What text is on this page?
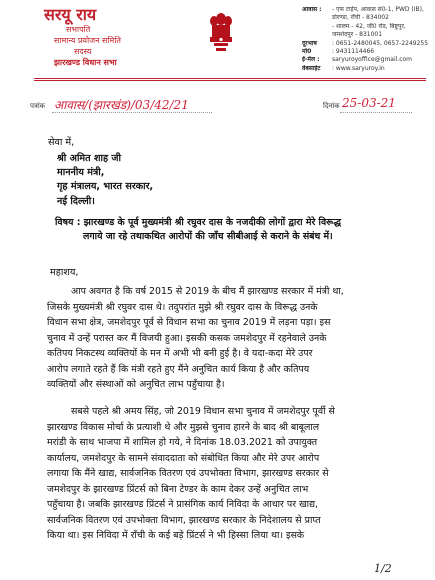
सरयू राय
सभापति
सामान्य प्रयोजन समिति
सदस्य
झारखण्ड विधान सभा
आवास :	- एफ टाईप, आवास सं0-1, PWD (IB),
डोरण्डा, राँची - 834002
- शालम - 42, जी0 रोड, बिष्टुपुर,
जमशेदपुर - 831001
दूरभाष	: 0651-2480045, 0657-2249255
मो0	: 9431114466
ई-मेल :	saryuroyoffice@gmail.com
वेबसाईट	: www.saryuroy.in
पत्रांक आवास/(झारखंड)/03/42/21	दिनांक 25-03-21
सेवा में,
श्री अमित शाह जी
माननीय मंत्री,
गृह मंत्रालय, भारत सरकार,
नई दिल्ली।
विषय : झारखण्ड के पूर्व मुख्यमंत्री श्री रघुवर दास के नजदीकी लोगों द्वारा मेरे विरूद्ध
लगाये जा रहे तथाकथित आरोपों की जाँच सीबीआई से कराने के संबंध में।
महाशय,
आप अवगत है कि वर्ष 2015 से 2019 के बीच मैं झारखण्ड सरकार में मंत्री था,
जिसके मुख्यमंत्री श्री रघुवर दास थे। तदुपरांत मुझे श्री रघुवर दास के विरूद्ध उनके
विधान सभा क्षेत्र, जमशेदपुर पूर्व से विधान सभा का चुनाव 2019 में लड़ना पड़ा। इस
चुनाव में उन्हें परास्त कर मैं विजयी हुआ। इसकी कसक जमशेदपुर में रहनेवाले उनके
कतिपय निकटस्थ व्यक्तियों के मन में अभी भी बनी हुई है। वे यदा-कदा मेरे उपर
आरोप लगाते रहते हैं कि मंत्री रहते हुए मैंने अनुचित कार्य किया है और कतिपय
व्यक्तियों और संस्थाओं को अनुचित लाभ पहुँचाया है।
सबसे पहले श्री अमय सिंह, जो 2019 विधान सभा चुनाव में जमशेदपुर पूर्वी से
झारखण्ड विकास मोर्चा के प्रत्याशी थे और मुझसे चुनाव हारने के बाद श्री बाबूलाल
मरांडी के साथ भाजपा में शामिल हो गये, ने दिनांक 18.03.2021 को उपायुक्त
कार्यालय, जमशेदपुर के सामने संवाददाता को संबोधित किया और मेरे उपर आरोप
लगाया कि मैंने खाद्य, सार्वजनिक वितरण एवं उपभोक्ता विभाग, झारखण्ड सरकार से
जमशेदपुर के झारखण्ड प्रिंटर्स को बिना टेण्डर के काम देकर उन्हें अनुचित लाभ
पहुँचाया है। जबकि झारखण्ड प्रिंटर्स ने प्रासंगिक कार्य निविदा के आधार पर खाद्य,
सार्वजनिक वितरण एवं उपभोक्ता विभाग, झारखण्ड सरकार के निदेशालय से प्राप्त
किया था। इस निविदा में राँची के कई बड़े प्रिंटर्स ने भी हिस्सा लिया था। इसके
1/2
